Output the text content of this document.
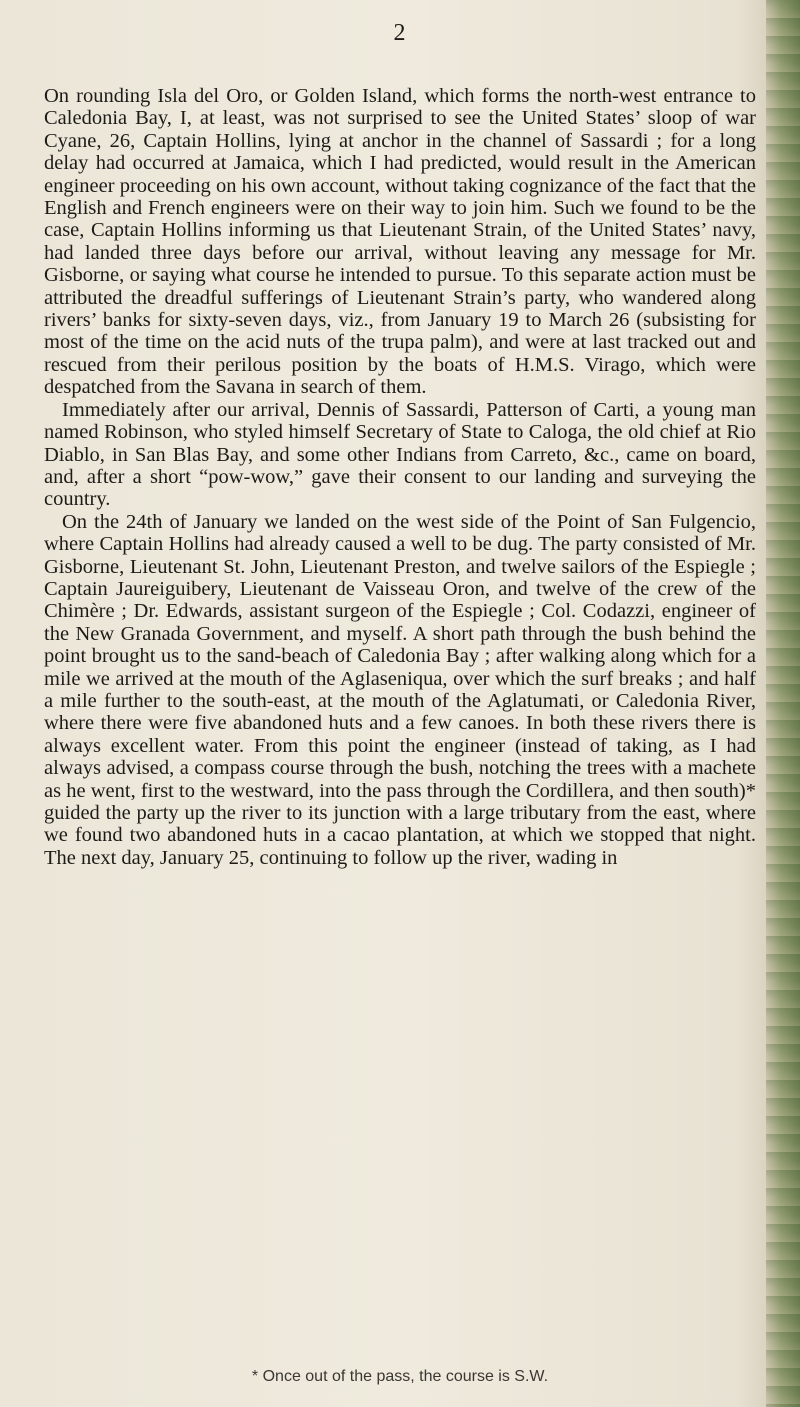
2

On rounding Isla del Oro, or Golden Island, which forms the north-west entrance to Caledonia Bay, I, at least, was not surprised to see the United States’ sloop of war Cyane, 26, Captain Hollins, lying at anchor in the channel of Sassardi ; for a long delay had occurred at Jamaica, which I had predicted, would result in the American engineer proceeding on his own account, without taking cognizance of the fact that the English and French engineers were on their way to join him. Such we found to be the case, Captain Hollins informing us that Lieutenant Strain, of the United States’ navy, had landed three days before our arrival, without leaving any message for Mr. Gisborne, or saying what course he intended to pursue. To this separate action must be attributed the dreadful sufferings of Lieutenant Strain’s party, who wandered along rivers’ banks for sixty-seven days, viz., from January 19 to March 26 (subsisting for most of the time on the acid nuts of the trupa palm), and were at last tracked out and rescued from their perilous position by the boats of H.M.S. Virago, which were despatched from the Savana in search of them.

Immediately after our arrival, Dennis of Sassardi, Patterson of Carti, a young man named Robinson, who styled himself Secretary of State to Caloga, the old chief at Rio Diablo, in San Blas Bay, and some other Indians from Carreto, &c., came on board, and, after a short “pow-wow,” gave their consent to our landing and surveying the country.

On the 24th of January we landed on the west side of the Point of San Fulgencio, where Captain Hollins had already caused a well to be dug. The party consisted of Mr. Gisborne, Lieutenant St. John, Lieutenant Preston, and twelve sailors of the Espiegle ; Captain Jaureiguibery, Lieutenant de Vaisseau Oron, and twelve of the crew of the Chimère ; Dr. Edwards, assistant surgeon of the Espiegle ; Col. Codazzi, engineer of the New Granada Government, and myself. A short path through the bush behind the point brought us to the sand-beach of Caledonia Bay ; after walking along which for a mile we arrived at the mouth of the Aglaseniqua, over which the surf breaks ; and half a mile further to the south-east, at the mouth of the Aglatumati, or Caledonia River, where there were five abandoned huts and a few canoes. In both these rivers there is always excellent water. From this point the engineer (instead of taking, as I had always advised, a compass course through the bush, notching the trees with a machete as he went, first to the westward, into the pass through the Cordillera, and then south)* guided the party up the river to its junction with a large tributary from the east, where we found two abandoned huts in a cacao plantation, at which we stopped that night. The next day, January 25, continuing to follow up the river, wading in

* Once out of the pass, the course is S.W.
